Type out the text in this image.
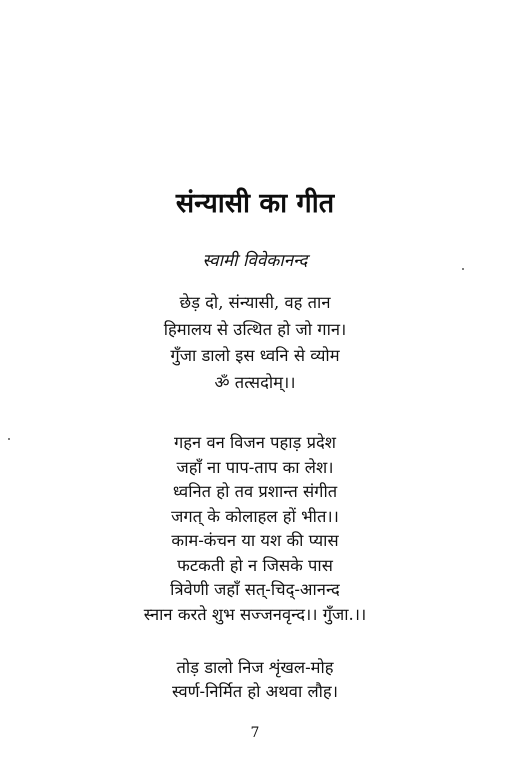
संन्यासी का गीत
स्वामी विवेकानन्द
छेड़ दो, संन्यासी, वह तान
हिमालय से उत्थित हो जो गान।
गुँजा डालो इस ध्वनि से व्योम
ॐ तत्सदोम्।।
गहन वन विजन पहाड़ प्रदेश
जहाँ ना पाप-ताप का लेश।
ध्वनित हो तव प्रशान्त संगीत
जगत् के कोलाहल हों भीत।।
काम-कंचन या यश की प्यास
फटकती हो न जिसके पास
त्रिवेणी जहाँ सत्-चिद्-आनन्द
स्नान करते शुभ सज्जनवृन्द।। गुँजा.।।
तोड़ डालो निज शृंखल-मोह
स्वर्ण-निर्मित हो अथवा लौह।
7
